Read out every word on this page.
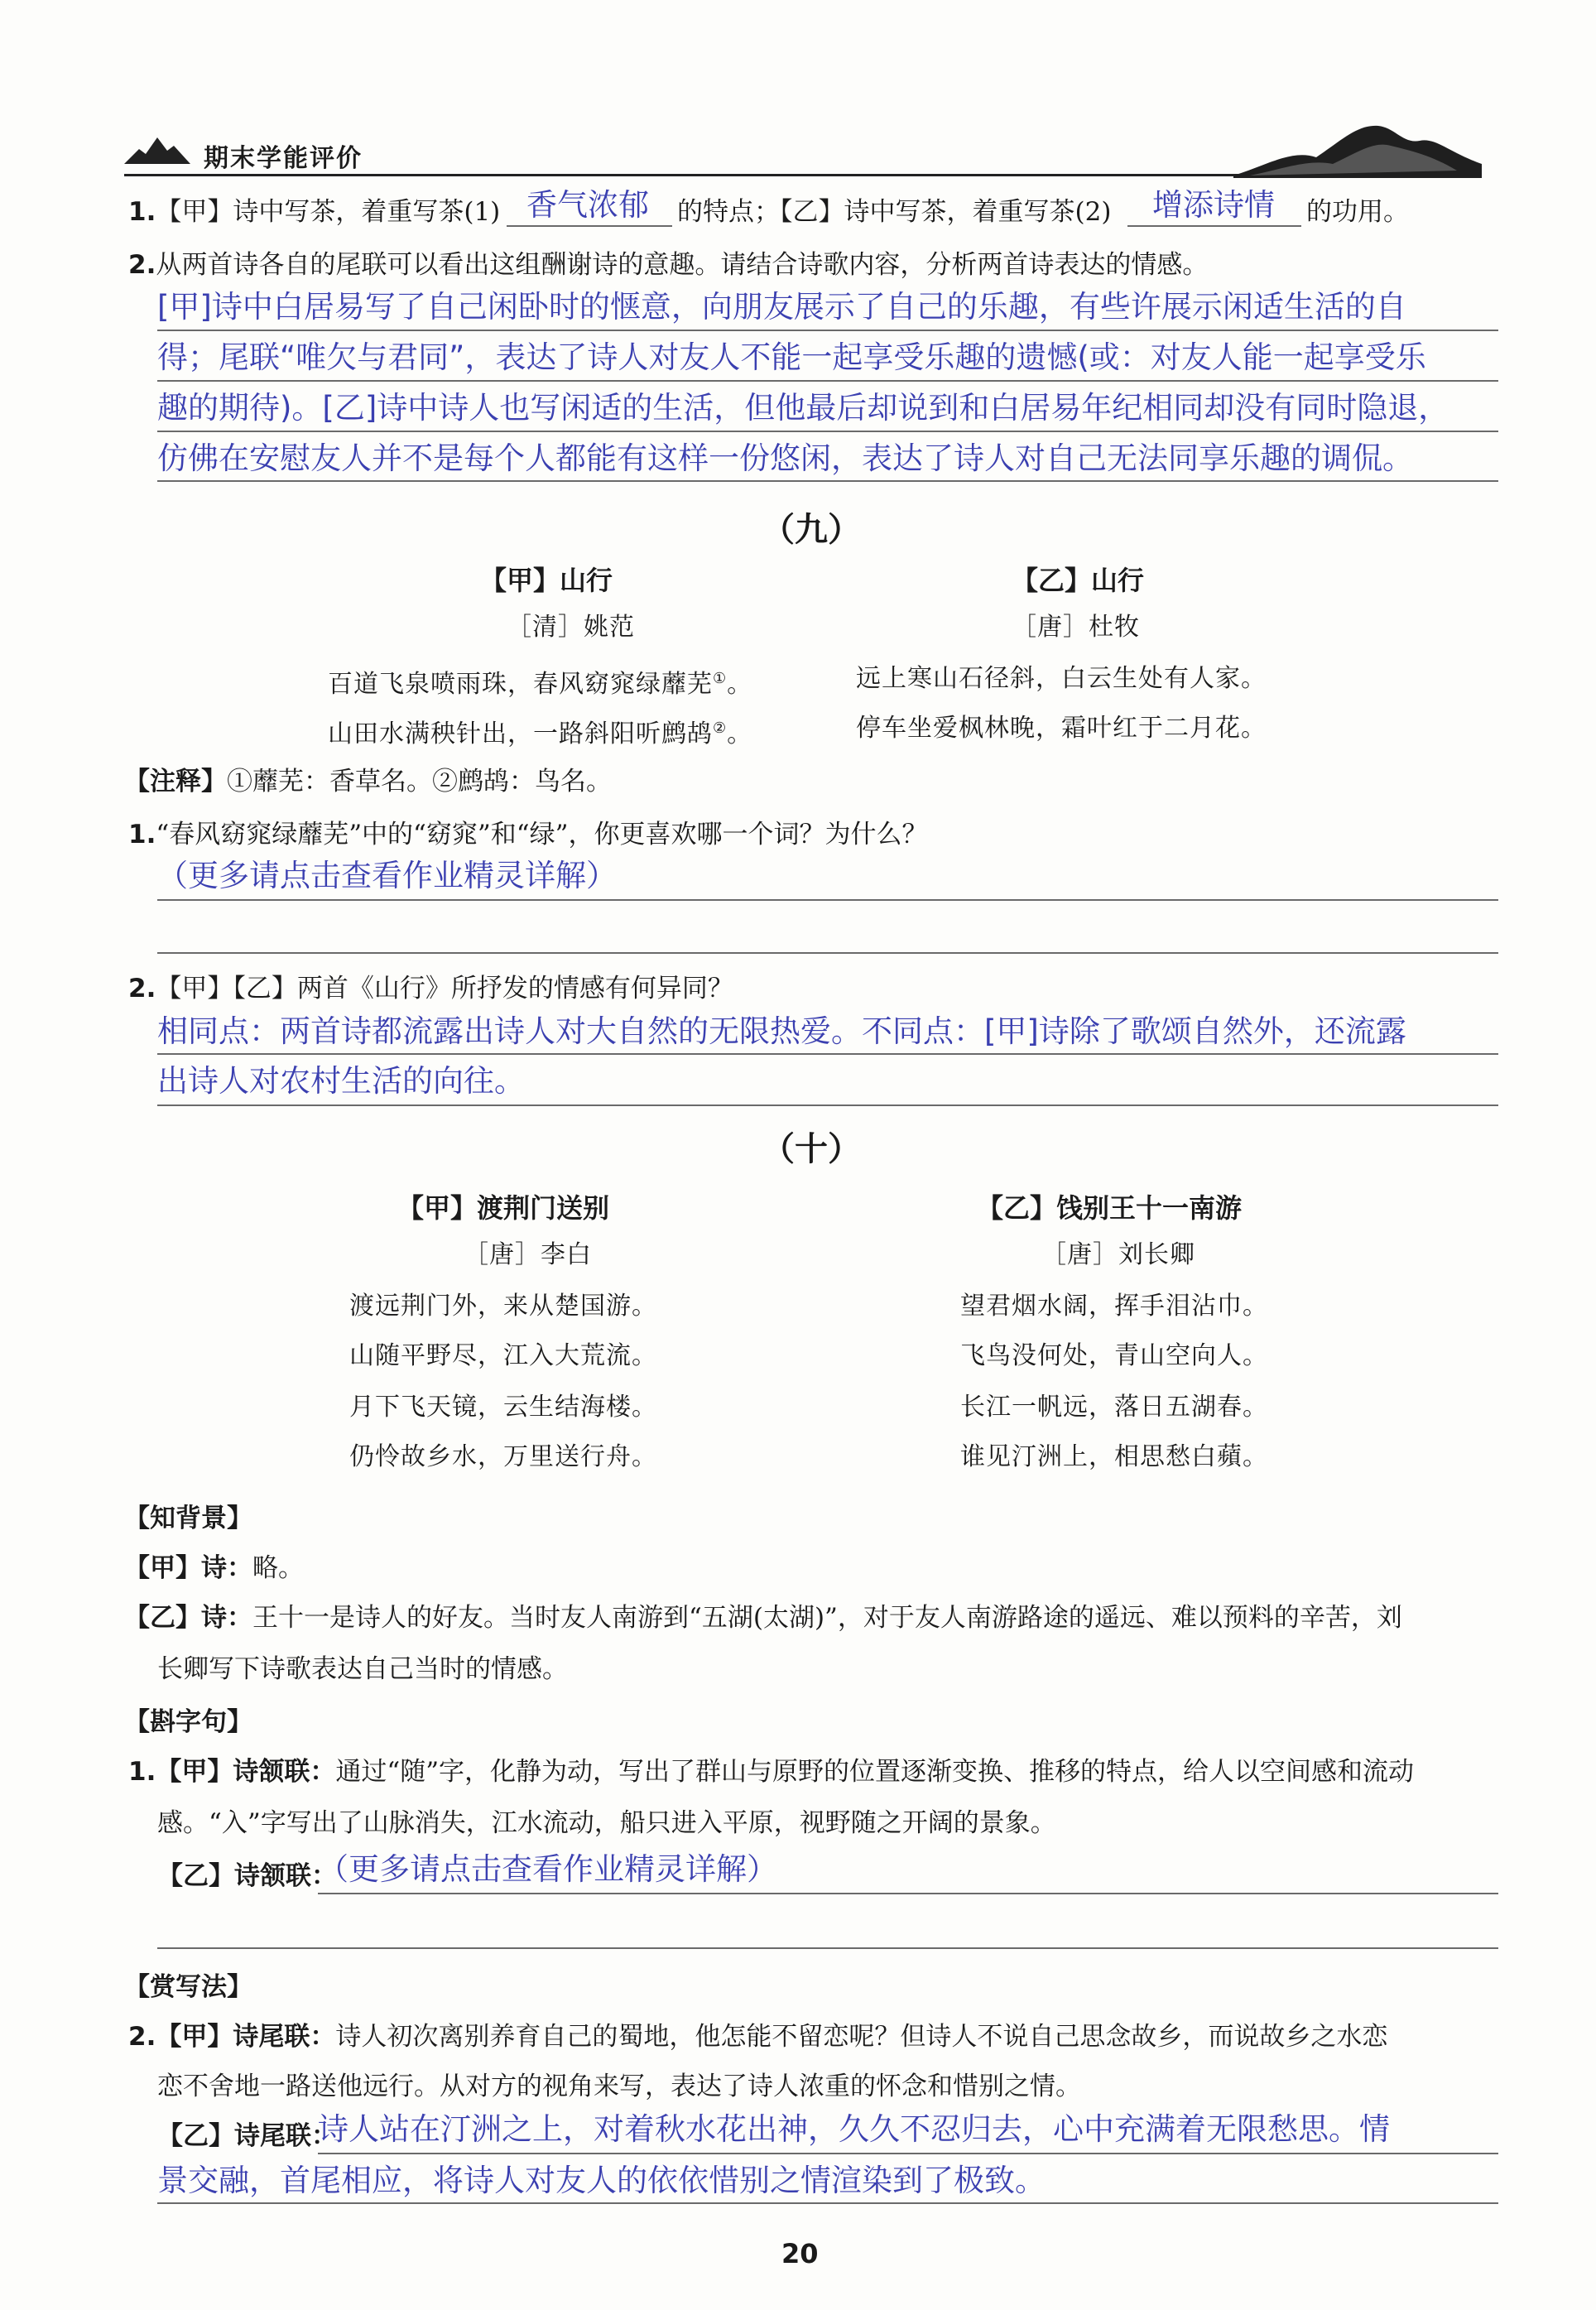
期末学能评价
1.【甲】诗中写茶，着重写茶(1) 香气浓郁 的特点；【乙】诗中写茶，着重写茶(2) 增添诗情 的功用。
2.从两首诗各自的尾联可以看出这组酬谢诗的意趣。请结合诗歌内容，分析两首诗表达的情感。
[甲]诗中白居易写了自己闲卧时的惬意，向朋友展示了自己的乐趣，有些许展示闲适生活的自
得；尾联“唯欠与君同”，表达了诗人对友人不能一起享受乐趣的遗憾(或：对友人能一起享受乐
趣的期待)。[乙]诗中诗人也写闲适的生活，但他最后却说到和白居易年纪相同却没有同时隐退，
仿佛在安慰友人并不是每个人都能有这样一份悠闲，表达了诗人对自己无法同享乐趣的调侃。
（九）
【甲】山行
［清］姚范
百道飞泉喷雨珠，春风窈窕绿蘼芜①。
山田水满秧针出，一路斜阳听鹧鸪②。
【乙】山行
［唐］杜牧
远上寒山石径斜，白云生处有人家。
停车坐爱枫林晚，霜叶红于二月花。
【注释】①蘼芜：香草名。②鹧鸪：鸟名。
1.“春风窈窕绿蘼芜”中的“窈窕”和“绿”，你更喜欢哪一个词？为什么？
（更多请点击查看作业精灵详解）
2.【甲】【乙】两首《山行》所抒发的情感有何异同？
相同点：两首诗都流露出诗人对大自然的无限热爱。不同点：[甲]诗除了歌颂自然外，还流露
出诗人对农村生活的向往。
（十）
【甲】渡荆门送别
［唐］李白
渡远荆门外，来从楚国游。
山随平野尽，江入大荒流。
月下飞天镜，云生结海楼。
仍怜故乡水，万里送行舟。
【乙】饯别王十一南游
［唐］刘长卿
望君烟水阔，挥手泪沾巾。
飞鸟没何处，青山空向人。
长江一帆远，落日五湖春。
谁见汀洲上，相思愁白蘋。
【知背景】
【甲】诗：略。
【乙】诗：王十一是诗人的好友。当时友人南游到“五湖(太湖)”，对于友人南游路途的遥远、难以预料的辛苦，刘
长卿写下诗歌表达自己当时的情感。
【斟字句】
1.【甲】诗颔联：通过“随”字，化静为动，写出了群山与原野的位置逐渐变换、推移的特点，给人以空间感和流动
感。“入”字写出了山脉消失，江水流动，船只进入平原，视野随之开阔的景象。
【乙】诗颔联：
（更多请点击查看作业精灵详解）
【赏写法】
2.【甲】诗尾联：诗人初次离别养育自己的蜀地，他怎能不留恋呢？但诗人不说自己思念故乡，而说故乡之水恋
恋不舍地一路送他远行。从对方的视角来写，表达了诗人浓重的怀念和惜别之情。
【乙】诗尾联：
诗人站在汀洲之上，对着秋水花出神，久久不忍归去，心中充满着无限愁思。情
景交融，首尾相应，将诗人对友人的依依惜别之情渲染到了极致。
20
